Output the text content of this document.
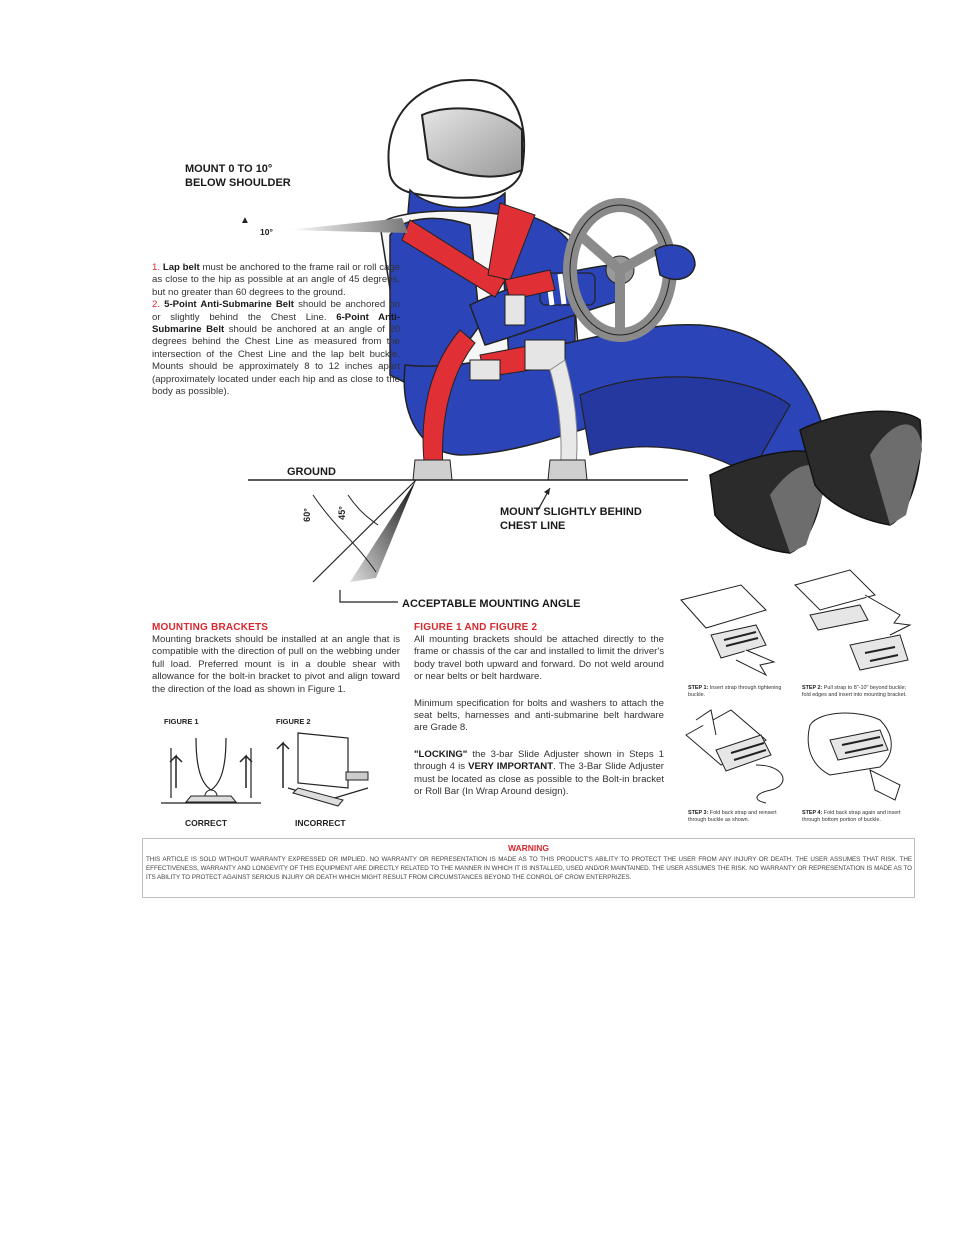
MOUNT 0 TO 10°
BELOW SHOULDER
▲
10°
GROUND
60°	45°	MOUNT SLIGHTLY BEHIND
CHEST LINE
ACCEPTABLE MOUNTING ANGLE

1. Lap belt must be anchored to the frame rail or roll cage as close to the hip as possible at an angle of 45 degrees, but no greater than 60 degrees to the ground.

2. 5-Point Anti-Submarine Belt should be anchored on or slightly behind the Chest Line. 6-Point Anti-Submarine Belt should be anchored at an angle of 20 degrees behind the Chest Line as measured from the intersection of the Chest Line and the lap belt buckle. Mounts should be approximately 8 to 12 inches apart (approximately located under each hip and as close to the body as possible).

MOUNTING BRACKETS
Mounting brackets should be installed at an angle that is compatible with the direction of pull on the webbing under full load. Preferred mount is in a double shear with allowance for the bolt-in bracket to pivot and align toward the direction of the load as shown in Figure 1.
FIGURE 1	FIGURE 2
CORRECT	INCORRECT
FIGURE 1 AND FIGURE 2
All mounting brackets should be attached directly to the frame or chassis of the car and installed to limit the driver's body travel both upward and forward. Do not weld around or near belts or belt hardware.
Minimum specification for bolts and washers to attach the seat belts, harnesses and anti-submarine belt hardware are Grade 8.
"LOCKING" the 3-bar Slide Adjuster shown in Steps 1 through 4 is VERY IMPORTANT. The 3-Bar Slide Adjuster must be located as close as possible to the Bolt-in bracket or Roll Bar (In Wrap Around design).
STEP 1: Insert strap through tightening buckle.
STEP 2: Pull strap to 8"-10" beyond buckle; fold edges and insert into mounting bracket.
STEP 3: Fold back strap and reinsert through buckle as shown.
STEP 4: Fold back strap again and insert through bottom portion of buckle.
WARNING
THIS ARTICLE IS SOLD WITHOUT WARRANTY EXPRESSED OR IMPLIED. NO WARRANTY OR REPRESENTATION IS MADE AS TO THIS PRODUCT'S ABILITY TO PROTECT THE USER FROM ANY INJURY OR DEATH. THE USER ASSUMES THAT RISK. THE EFFECTIVENESS, WARRANTY AND LONGEVITY OF THIS EQUIPMENT ARE DIRECTLY RELATED TO THE MANNER IN WHICH IT IS INSTALLED, USED AND/OR MAINTAINED. THE USER ASSUMES THE RISK. NO WARRANTY OR REPRESENTATION IS MADE AS TO ITS ABILITY TO PROTECT AGAINST SERIOUS INJURY OR DEATH WHICH MIGHT RESULT FROM CIRCUMSTANCES BEYOND THE CONROL OF CROW ENTERPRIZES.
